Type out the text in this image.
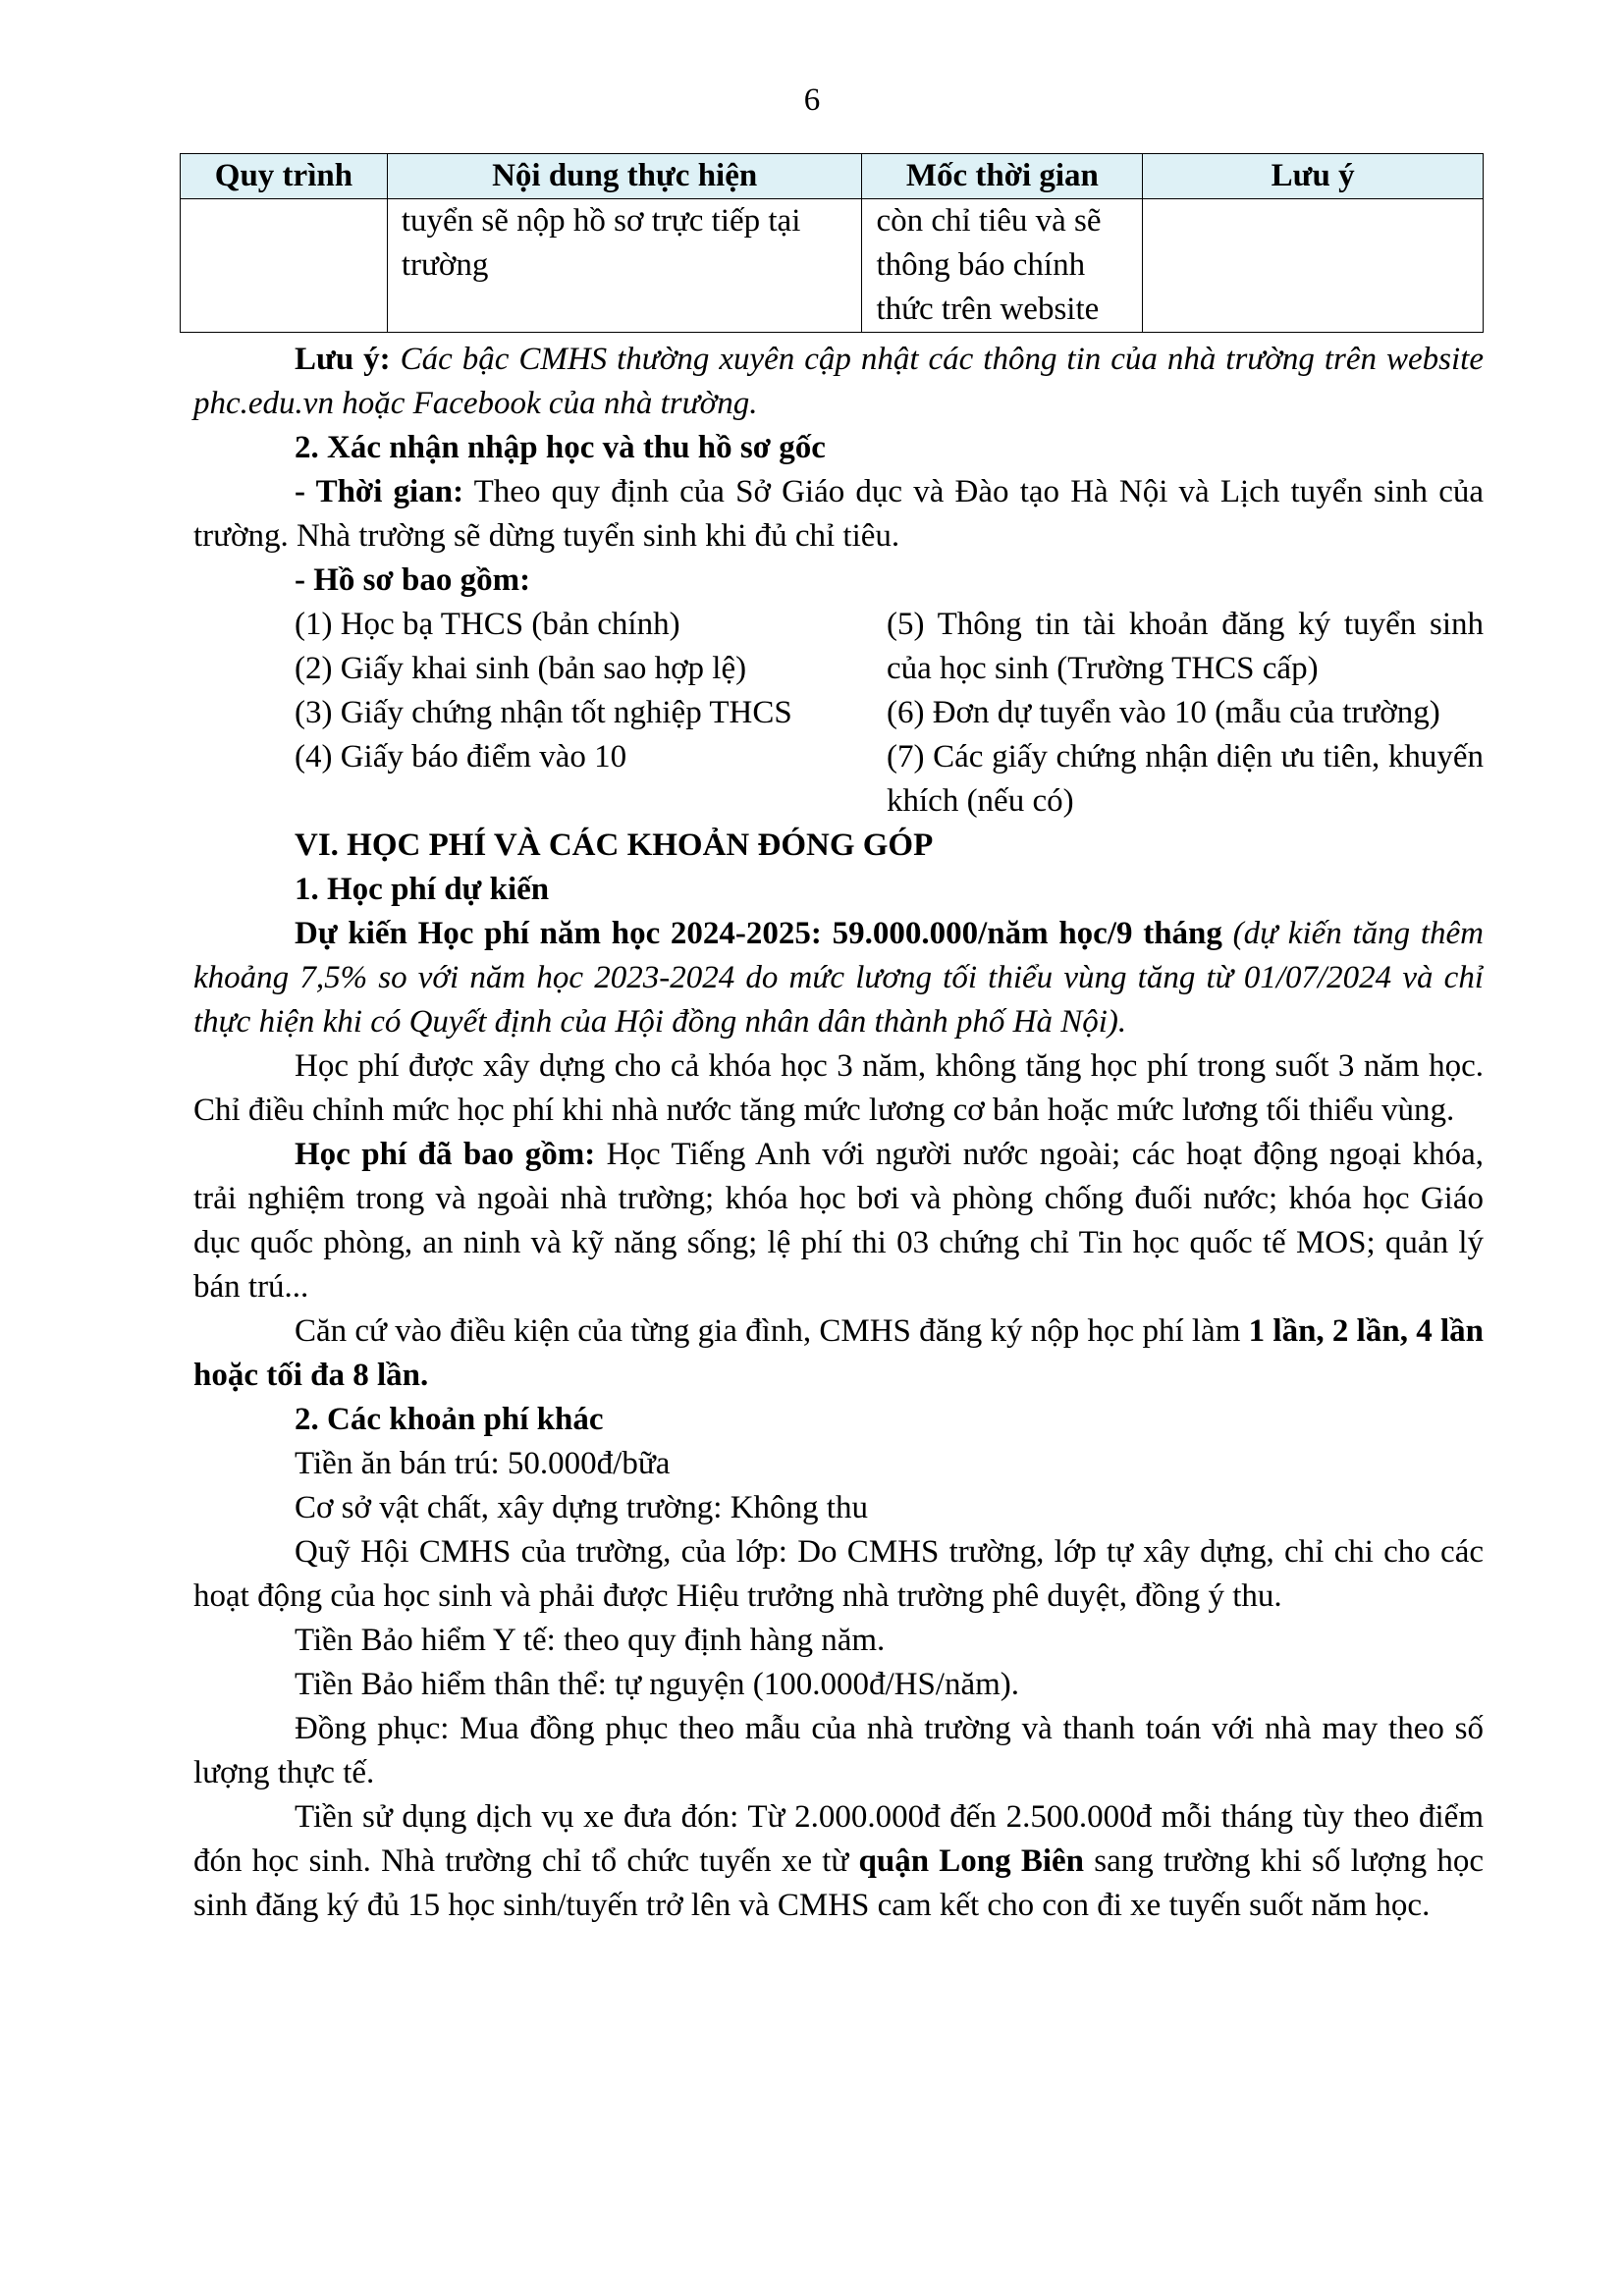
6
Quy trình	Nội dung thực hiện	Mốc thời gian	Lưu ý
	tuyển sẽ nộp hồ sơ trực tiếp tại trường	còn chỉ tiêu và sẽ thông báo chính thức trên website	

Lưu ý: Các bậc CMHS thường xuyên cập nhật các thông tin của nhà trường trên website phc.edu.vn hoặc Facebook của nhà trường.

2. Xác nhận nhập học và thu hồ sơ gốc

- Thời gian: Theo quy định của Sở Giáo dục và Đào tạo Hà Nội và Lịch tuyển sinh của trường. Nhà trường sẽ dừng tuyển sinh khi đủ chỉ tiêu.

- Hồ sơ bao gồm:

(1) Học bạ THCS (bản chính)

(2) Giấy khai sinh (bản sao hợp lệ)

(3) Giấy chứng nhận tốt nghiệp THCS

(4) Giấy báo điểm vào 10

(5) Thông tin tài khoản đăng ký tuyển sinh của học sinh (Trường THCS cấp)

(6) Đơn dự tuyển vào 10 (mẫu của trường)

(7) Các giấy chứng nhận diện ưu tiên, khuyến khích (nếu có)

VI. HỌC PHÍ VÀ CÁC KHOẢN ĐÓNG GÓP

1. Học phí dự kiến

Dự kiến Học phí năm học 2024-2025: 59.000.000/năm học/9 tháng (dự kiến tăng thêm khoảng 7,5% so với năm học 2023-2024 do mức lương tối thiểu vùng tăng từ 01/07/2024 và chỉ thực hiện khi có Quyết định của Hội đồng nhân dân thành phố Hà Nội).

Học phí được xây dựng cho cả khóa học 3 năm, không tăng học phí trong suốt 3 năm học. Chỉ điều chỉnh mức học phí khi nhà nước tăng mức lương cơ bản hoặc mức lương tối thiểu vùng.

Học phí đã bao gồm: Học Tiếng Anh với người nước ngoài; các hoạt động ngoại khóa, trải nghiệm trong và ngoài nhà trường; khóa học bơi và phòng chống đuối nước; khóa học Giáo dục quốc phòng, an ninh và kỹ năng sống; lệ phí thi 03 chứng chỉ Tin học quốc tế MOS; quản lý bán trú...

Căn cứ vào điều kiện của từng gia đình, CMHS đăng ký nộp học phí làm 1 lần, 2 lần, 4 lần hoặc tối đa 8 lần.

2. Các khoản phí khác

Tiền ăn bán trú: 50.000đ/bữa

Cơ sở vật chất, xây dựng trường: Không thu

Quỹ Hội CMHS của trường, của lớp: Do CMHS trường, lớp tự xây dựng, chỉ chi cho các hoạt động của học sinh và phải được Hiệu trưởng nhà trường phê duyệt, đồng ý thu.

Tiền Bảo hiểm Y tế: theo quy định hàng năm.

Tiền Bảo hiểm thân thể: tự nguyện (100.000đ/HS/năm).

Đồng phục: Mua đồng phục theo mẫu của nhà trường và thanh toán với nhà may theo số lượng thực tế.

Tiền sử dụng dịch vụ xe đưa đón: Từ 2.000.000đ đến 2.500.000đ mỗi tháng tùy theo điểm đón học sinh. Nhà trường chỉ tổ chức tuyến xe từ quận Long Biên sang trường khi số lượng học sinh đăng ký đủ 15 học sinh/tuyến trở lên và CMHS cam kết cho con đi xe tuyến suốt năm học.
